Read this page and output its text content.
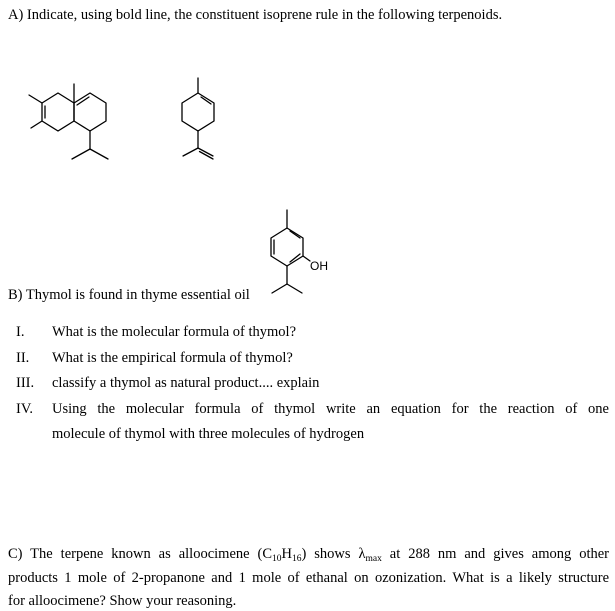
A) Indicate, using bold line, the constituent isoprene rule in the following terpenoids.
OH
B) Thymol is found in thyme essential oil
I. What is the molecular formula of thymol?
II. What is the empirical formula of thymol?
III. classify a thymol as natural product.... explain
IV. Using the molecular formula of thymol write an equation for the reaction of one
molecule of thymol with three molecules of hydrogen
C) The terpene known as alloocimene $(C_{10}H_{16})$ shows $\lambda_{max}$ at 288 nm and gives among other
products 1 mole of 2-propanone and 1 mole of ethanal on ozonization. What is a likely structure
for alloocimene? Show your reasoning.
